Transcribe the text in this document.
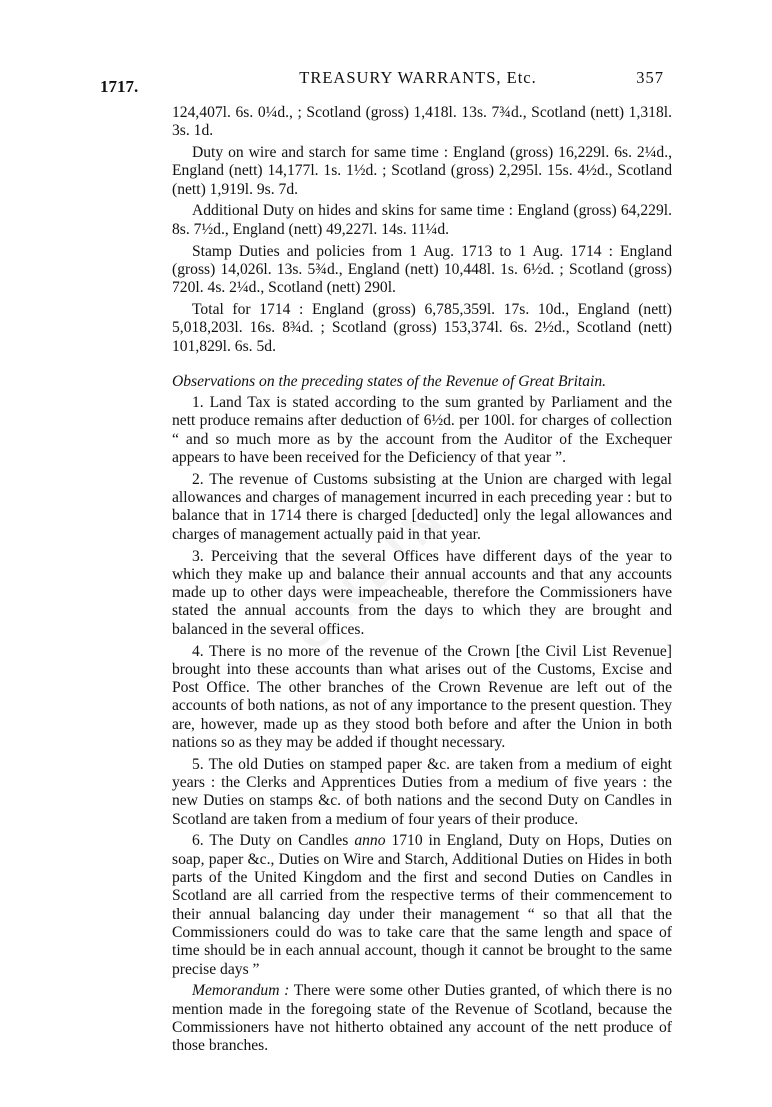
1717.	TREASURY WARRANTS, Etc.	357

124,407l. 6s. 0¼d., ; Scotland (gross) 1,418l. 13s. 7¾d., Scotland (nett) 1,318l. 3s. 1d.

Duty on wire and starch for same time : England (gross) 16,229l. 6s. 2¼d., England (nett) 14,177l. 1s. 1½d. ; Scotland (gross) 2,295l. 15s. 4½d., Scotland (nett) 1,919l. 9s. 7d.

Additional Duty on hides and skins for same time : England (gross) 64,229l. 8s. 7½d., England (nett) 49,227l. 14s. 11¼d.

Stamp Duties and policies from 1 Aug. 1713 to 1 Aug. 1714 : England (gross) 14,026l. 13s. 5¾d., England (nett) 10,448l. 1s. 6½d. ; Scotland (gross) 720l. 4s. 2¼d., Scotland (nett) 290l.

Total for 1714 : England (gross) 6,785,359l. 17s. 10d., England (nett) 5,018,203l. 16s. 8¾d. ; Scotland (gross) 153,374l. 6s. 2½d., Scotland (nett) 101,829l. 6s. 5d.

Observations on the preceding states of the Revenue of Great Britain.

1. Land Tax is stated according to the sum granted by Parliament and the nett produce remains after deduction of 6½d. per 100l. for charges of collection “ and so much more as by the account from the Auditor of the Exchequer appears to have been received for the Deficiency of that year ”.

2. The revenue of Customs subsisting at the Union are charged with legal allowances and charges of management incurred in each preceding year : but to balance that in 1714 there is charged [deducted] only the legal allowances and charges of management actually paid in that year.

3. Perceiving that the several Offices have different days of the year to which they make up and balance their annual accounts and that any accounts made up to other days were impeacheable, therefore the Commissioners have stated the annual accounts from the days to which they are brought and balanced in the several offices.

4. There is no more of the revenue of the Crown [the Civil List Revenue] brought into these accounts than what arises out of the Customs, Excise and Post Office. The other branches of the Crown Revenue are left out of the accounts of both nations, as not of any importance to the present question. They are, however, made up as they stood both before and after the Union in both nations so as they may be added if thought necessary.

5. The old Duties on stamped paper &c. are taken from a medium of eight years : the Clerks and Apprentices Duties from a medium of five years : the new Duties on stamps &c. of both nations and the second Duty on Candles in Scotland are taken from a medium of four years of their produce.

6. The Duty on Candles anno 1710 in England, Duty on Hops, Duties on soap, paper &c., Duties on Wire and Starch, Additional Duties on Hides in both parts of the United Kingdom and the first and second Duties on Candles in Scotland are all carried from the respective terms of their commencement to their annual balancing day under their management “ so that all that the Commissioners could do was to take care that the same length and space of time should be in each annual account, though it cannot be brought to the same precise days ”

Memorandum : There were some other Duties granted, of which there is no mention made in the foregoing state of the Revenue of Scotland, because the Commissioners have not hitherto obtained any account of the nett produce of those branches.
